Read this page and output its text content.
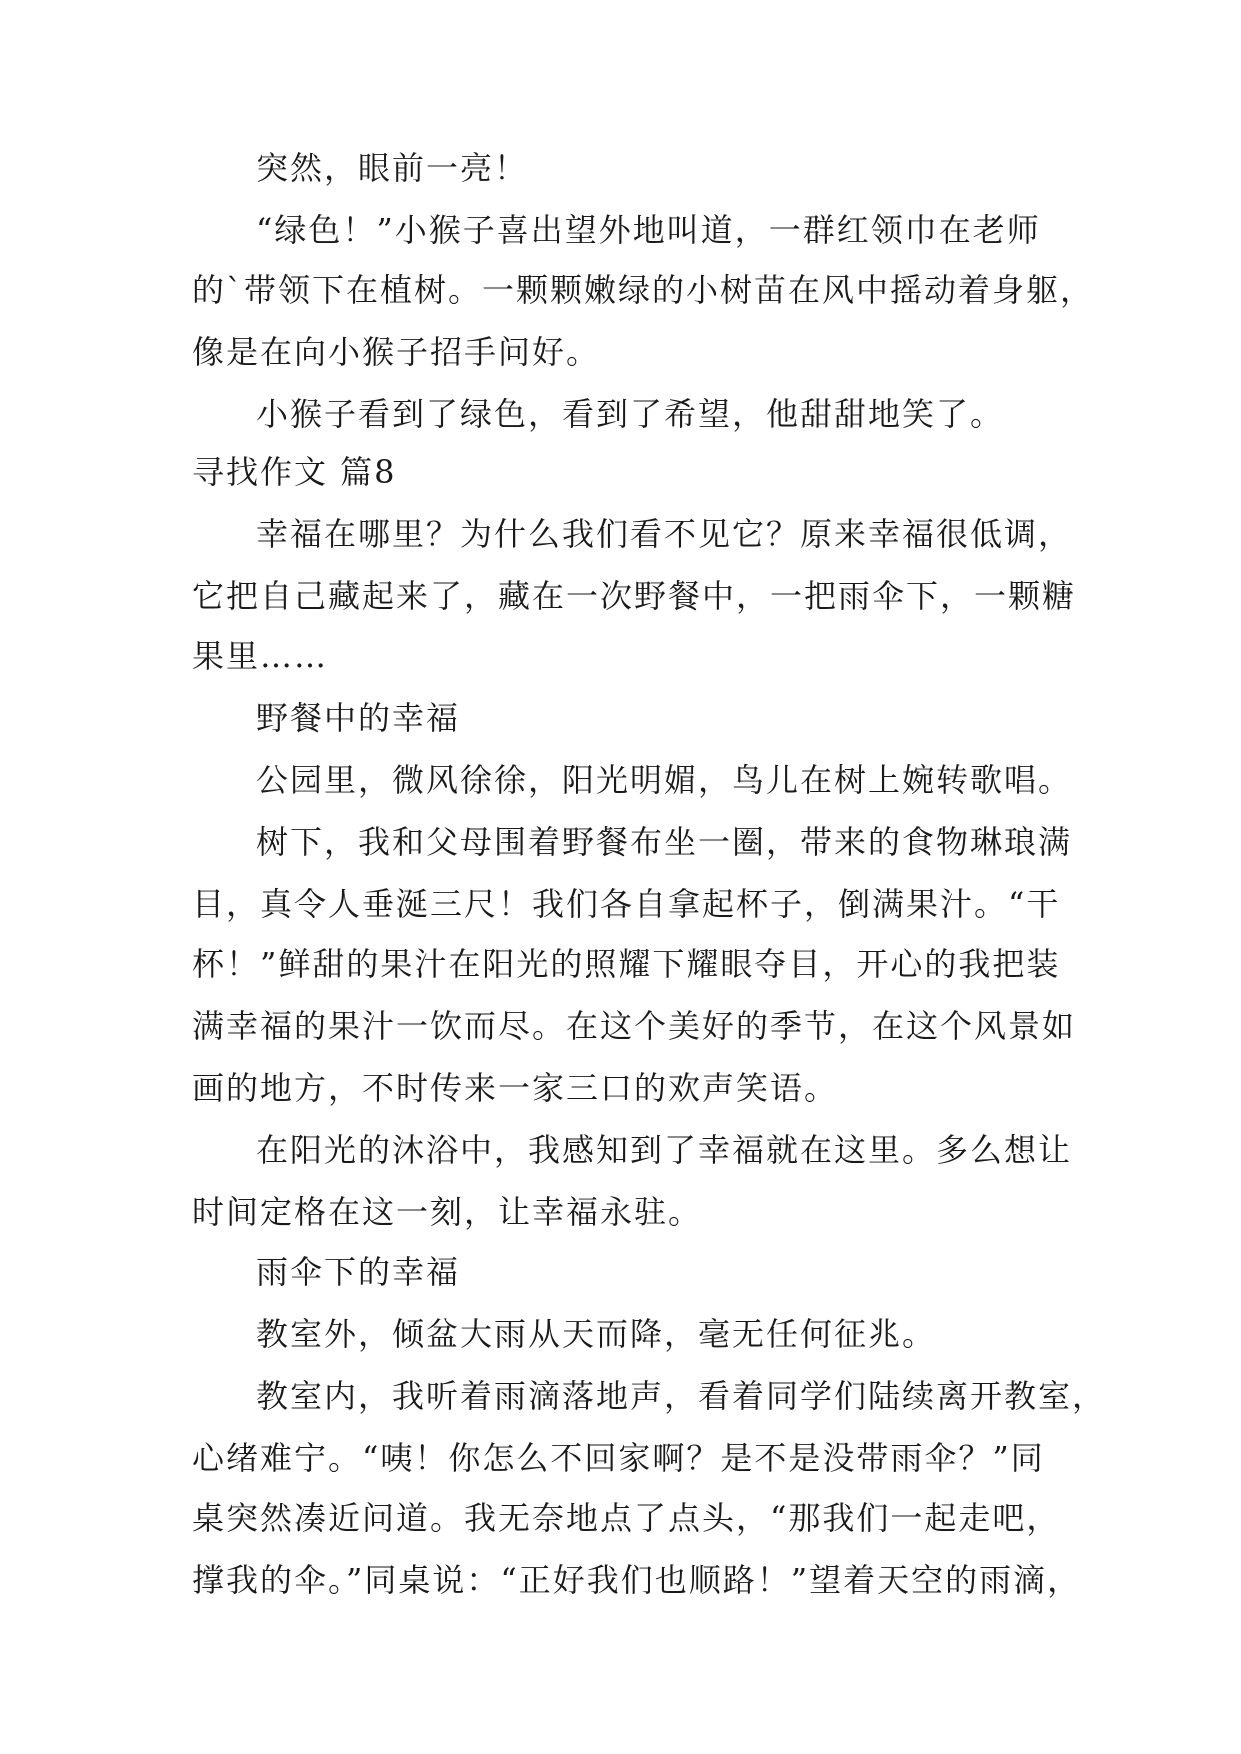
突然，眼前一亮！
“绿色！”小猴子喜出望外地叫道，一群红领巾在老师
的`带领下在植树。一颗颗嫩绿的小树苗在风中摇动着身躯，
像是在向小猴子招手问好。
小猴子看到了绿色，看到了希望，他甜甜地笑了。
寻找作文 篇8
幸福在哪里？为什么我们看不见它？原来幸福很低调，
它把自己藏起来了，藏在一次野餐中，一把雨伞下，一颗糖
果里……
野餐中的幸福
公园里，微风徐徐，阳光明媚，鸟儿在树上婉转歌唱。
树下，我和父母围着野餐布坐一圈，带来的食物琳琅满
目，真令人垂涎三尺！我们各自拿起杯子，倒满果汁。“干
杯！”鲜甜的果汁在阳光的照耀下耀眼夺目，开心的我把装
满幸福的果汁一饮而尽。在这个美好的季节，在这个风景如
画的地方，不时传来一家三口的欢声笑语。
在阳光的沐浴中，我感知到了幸福就在这里。多么想让
时间定格在这一刻，让幸福永驻。
雨伞下的幸福
教室外，倾盆大雨从天而降，毫无任何征兆。
教室内，我听着雨滴落地声，看着同学们陆续离开教室，
心绪难宁。“咦！你怎么不回家啊？是不是没带雨伞？”同
桌突然凑近问道。我无奈地点了点头，“那我们一起走吧，
撑我的伞。”同桌说：“正好我们也顺路！”望着天空的雨滴，
